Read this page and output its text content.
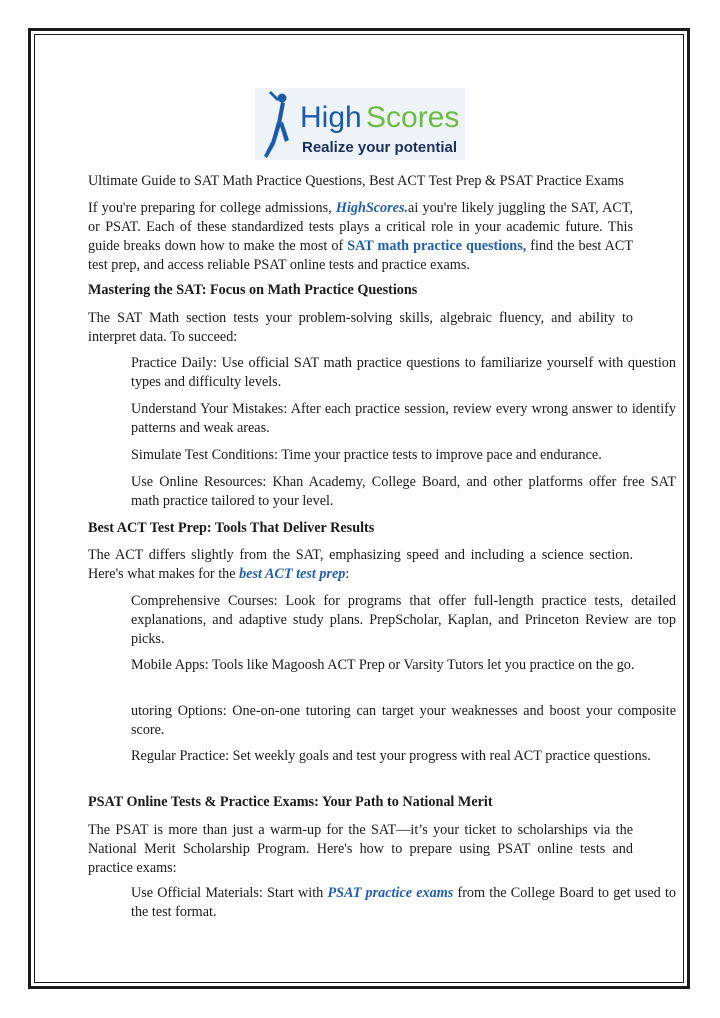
High Scores
Realize your potential

Ultimate Guide to SAT Math Practice Questions, Best ACT Test Prep & PSAT Practice Exams

If you're preparing for college admissions, HighScores.ai you're likely juggling the SAT, ACT, or PSAT. Each of these standardized tests plays a critical role in your academic future. This guide breaks down how to make the most of SAT math practice questions, find the best ACT test prep, and access reliable PSAT online tests and practice exams.

Mastering the SAT: Focus on Math Practice Questions

The SAT Math section tests your problem-solving skills, algebraic fluency, and ability to interpret data. To succeed:

Practice Daily: Use official SAT math practice questions to familiarize yourself with question types and difficulty levels.

Understand Your Mistakes: After each practice session, review every wrong answer to identify patterns and weak areas.

Simulate Test Conditions: Time your practice tests to improve pace and endurance.

Use Online Resources: Khan Academy, College Board, and other platforms offer free SAT math practice tailored to your level.

Best ACT Test Prep: Tools That Deliver Results

The ACT differs slightly from the SAT, emphasizing speed and including a science section. Here's what makes for the best ACT test prep:

Comprehensive Courses: Look for programs that offer full-length practice tests, detailed explanations, and adaptive study plans. PrepScholar, Kaplan, and Princeton Review are top picks.

Mobile Apps: Tools like Magoosh ACT Prep or Varsity Tutors let you practice on the go.

utoring Options: One-on-one tutoring can target your weaknesses and boost your composite score.

Regular Practice: Set weekly goals and test your progress with real ACT practice questions.

PSAT Online Tests & Practice Exams: Your Path to National Merit

The PSAT is more than just a warm-up for the SAT—it’s your ticket to scholarships via the National Merit Scholarship Program. Here's how to prepare using PSAT online tests and practice exams:

Use Official Materials: Start with PSAT practice exams from the College Board to get used to the test format.
